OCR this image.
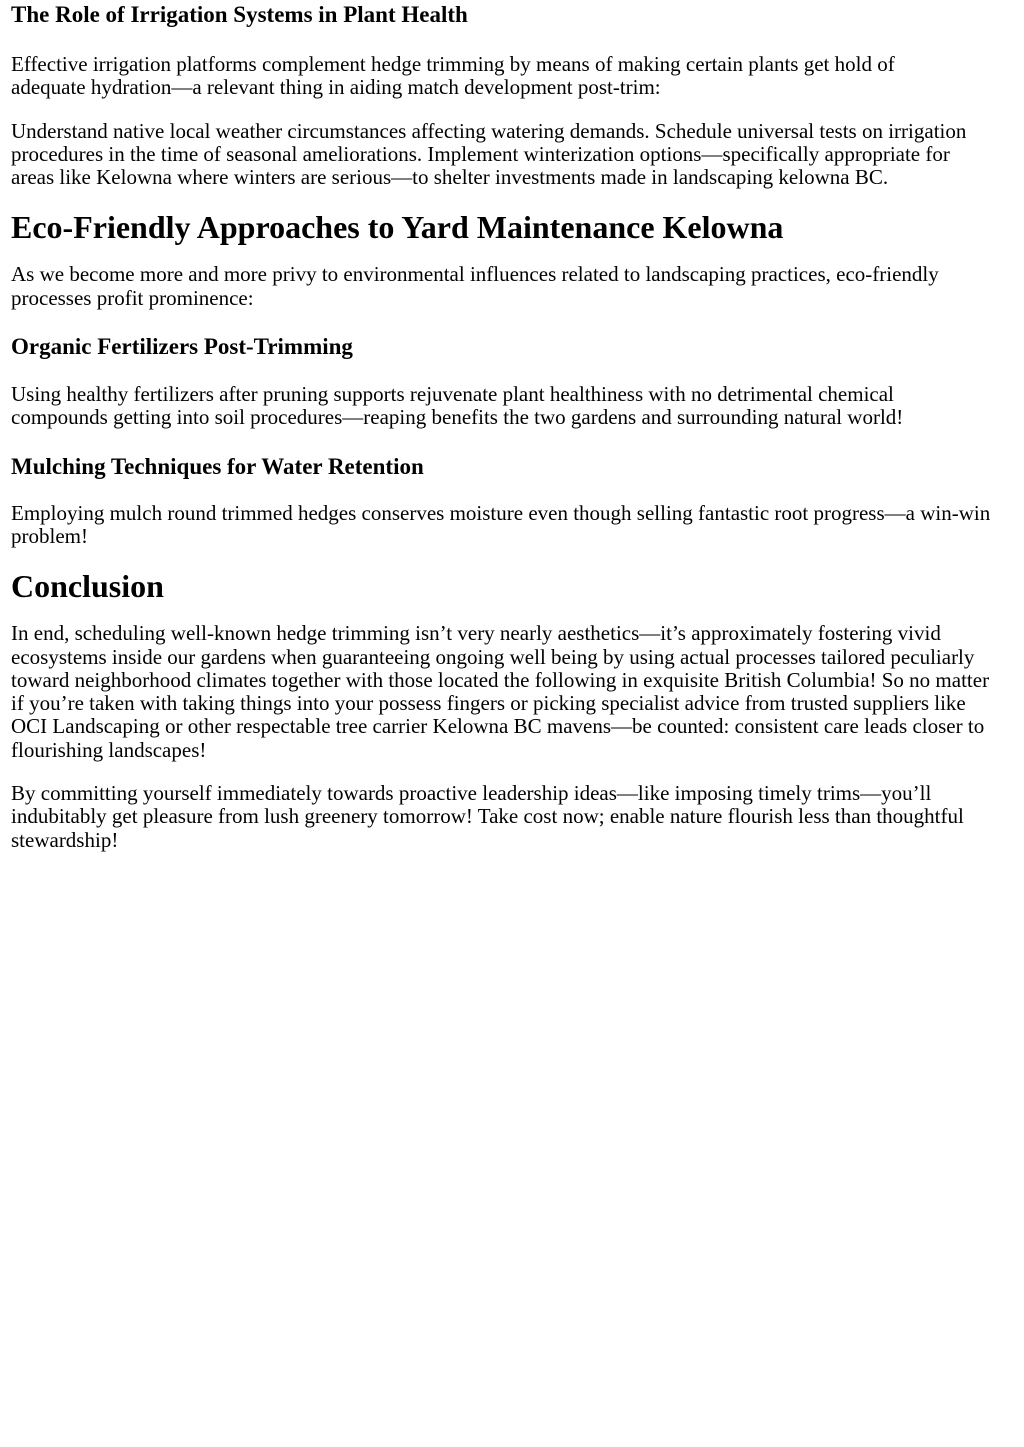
The Role of Irrigation Systems in Plant Health

Effective irrigation platforms complement hedge trimming by means of making certain plants get hold of adequate hydration—a relevant thing in aiding match development post-trim:

Understand native local weather circumstances affecting watering demands. Schedule universal tests on irrigation procedures in the time of seasonal ameliorations. Implement winterization options—specifically appropriate for areas like Kelowna where winters are serious—to shelter investments made in landscaping kelowna BC.

Eco-Friendly Approaches to Yard Maintenance Kelowna

As we become more and more privy to environmental influences related to landscaping practices, eco-friendly processes profit prominence:

Organic Fertilizers Post-Trimming

Using healthy fertilizers after pruning supports rejuvenate plant healthiness with no detrimental chemical compounds getting into soil procedures—reaping benefits the two gardens and surrounding natural world!

Mulching Techniques for Water Retention

Employing mulch round trimmed hedges conserves moisture even though selling fantastic root progress—a win-win problem!

Conclusion

In end, scheduling well-known hedge trimming isn’t very nearly aesthetics—it’s approximately fostering vivid ecosystems inside our gardens when guaranteeing ongoing well being by using actual processes tailored peculiarly toward neighborhood climates together with those located the following in exquisite British Columbia! So no matter if you’re taken with taking things into your possess fingers or picking specialist advice from trusted suppliers like OCI Landscaping or other respectable tree carrier Kelowna BC mavens—be counted: consistent care leads closer to flourishing landscapes!

By committing yourself immediately towards proactive leadership ideas—like imposing timely trims—you’ll indubitably get pleasure from lush greenery tomorrow! Take cost now; enable nature flourish less than thoughtful stewardship!
